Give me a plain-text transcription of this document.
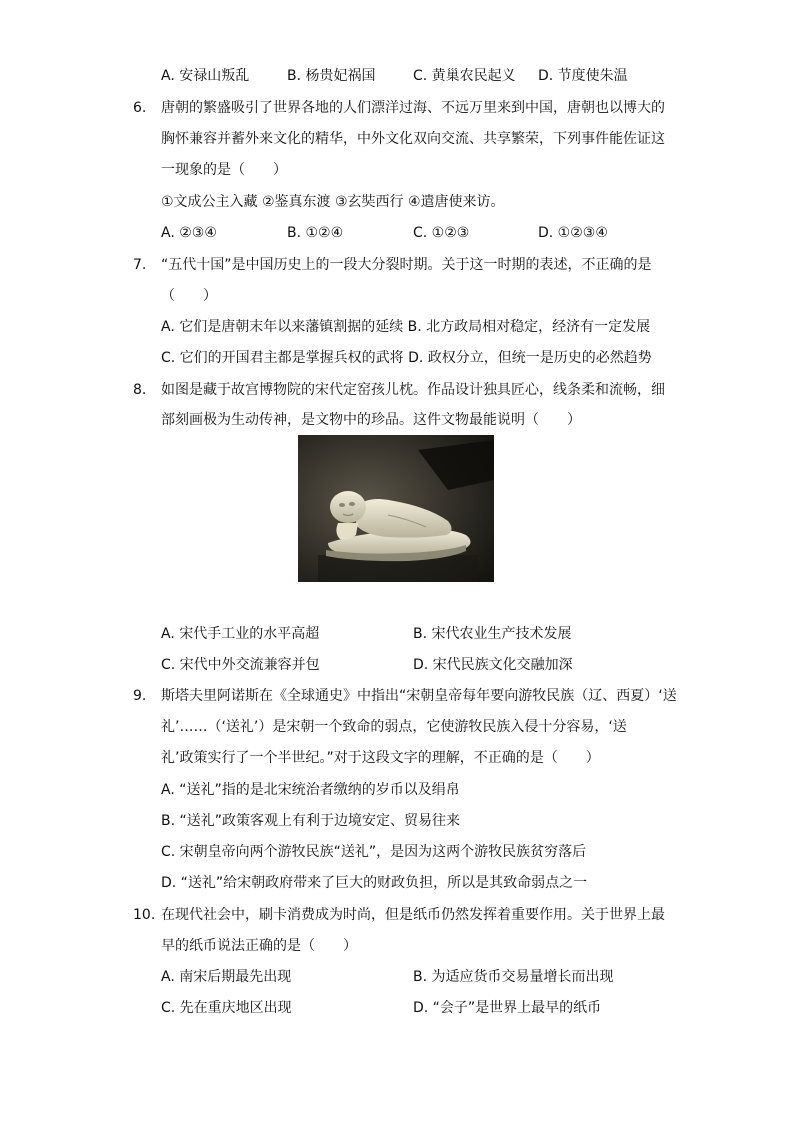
A. 安禄山叛乱	B. 杨贵妃祸国	C. 黄巢农民起义 D. 节度使朱温
6. 唐朝的繁盛吸引了世界各地的人们漂洋过海、不远万里来到中国，唐朝也以博大的
胸怀兼容并蓄外来文化的精华，中外文化双向交流、共享繁荣，下列事件能佐证这
一现象的是（　　）
①文成公主入藏 ②鉴真东渡 ③玄奘西行 ④遣唐使来访。
A. ②③④	B. ①②④	C. ①②③	D. ①②③④
7. “五代十国”是中国历史上的一段大分裂时期。关于这一时期的表述，不正确的是
（　　）
A. 它们是唐朝末年以来藩镇割据的延续 B. 北方政局相对稳定，经济有一定发展
C. 它们的开国君主都是掌握兵权的武将 D. 政权分立，但统一是历史的必然趋势
8. 如图是藏于故宫博物院的宋代定窑孩儿枕。作品设计独具匠心，线条柔和流畅，细
部刻画极为生动传神，是文物中的珍品。这件文物最能说明（　　）
A. 宋代手工业的水平高超	B. 宋代农业生产技术发展
C. 宋代中外交流兼容并包	D. 宋代民族文化交融加深
9. 斯塔夫里阿诺斯在《全球通史》中指出“宋朝皇帝每年要向游牧民族（辽、西夏）‘送
礼’……（‘送礼’）是宋朝一个致命的弱点，它使游牧民族入侵十分容易，‘送
礼’政策实行了一个半世纪。”对于这段文字的理解，不正确的是（　　）
A. “送礼”指的是北宋统治者缴纳的岁币以及绢帛
B. “送礼”政策客观上有利于边境安定、贸易往来
C. 宋朝皇帝向两个游牧民族“送礼”，是因为这两个游牧民族贫穷落后
D. “送礼”给宋朝政府带来了巨大的财政负担，所以是其致命弱点之一
10. 在现代社会中，刷卡消费成为时尚，但是纸币仍然发挥着重要作用。关于世界上最
早的纸币说法正确的是（　　）
A. 南宋后期最先出现	B. 为适应货币交易量增长而出现
C. 先在重庆地区出现	D. “会子”是世界上最早的纸币
